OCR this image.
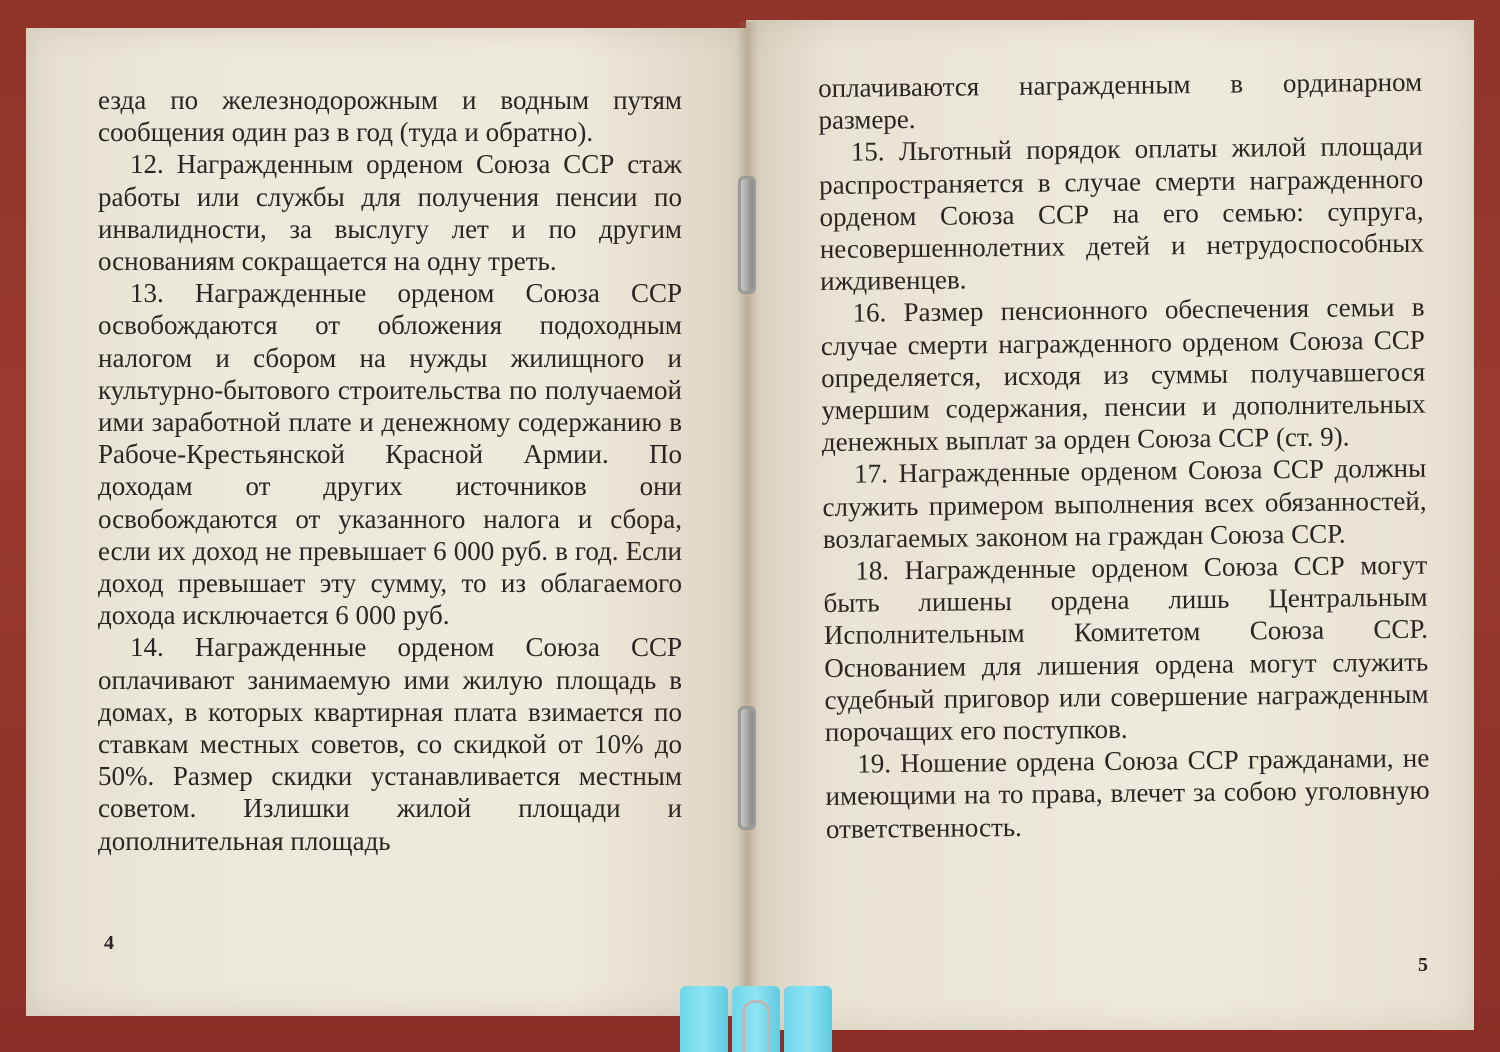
езда по железнодорожным и водным путям сообщения один раз в год (туда и обратно).

12. Награжденным орденом Союза ССР стаж работы или службы для получения пенсии по инвалидности, за выслугу лет и по другим основаниям сокращается на одну треть.

13. Награжденные орденом Союза ССР освобождаются от обложения подоходным налогом и сбором на нужды жилищного и культурно-бытового строительства по получаемой ими заработной плате и денежному содержанию в Рабоче-Крестьянской Красной Армии. По доходам от других источников они освобождаются от указанного налога и сбора, если их доход не превышает 6 000 руб. в год. Если доход превышает эту сумму, то из облагаемого дохода исключается 6 000 руб.

14. Награжденные орденом Союза ССР оплачивают занимаемую ими жилую площадь в домах, в которых квартирная плата взимается по ставкам местных советов, со скидкой от 10% до 50%. Размер скидки устанавливается местным советом. Излишки жилой площади и дополнительная площадь

4

оплачиваются награжденным в ординарном размере.

15. Льготный порядок оплаты жилой площади распространяется в случае смерти награжденного орденом Союза ССР на его семью: супруга, несовершеннолетних детей и нетрудоспособных иждивенцев.

16. Размер пенсионного обеспечения семьи в случае смерти награжденного орденом Союза ССР определяется, исходя из суммы получавшегося умершим содержания, пенсии и дополнительных денежных выплат за орден Союза ССР (ст. 9).

17. Награжденные орденом Союза ССР должны служить примером выполнения всех обязанностей, возлагаемых законом на граждан Союза ССР.

18. Награжденные орденом Союза ССР могут быть лишены ордена лишь Центральным Исполнительным Комитетом Союза ССР. Основанием для лишения ордена могут служить судебный приговор или совершение награжденным порочащих его поступков.

19. Ношение ордена Союза ССР гражданами, не имеющими на то права, влечет за собою уголовную ответственность.

5
